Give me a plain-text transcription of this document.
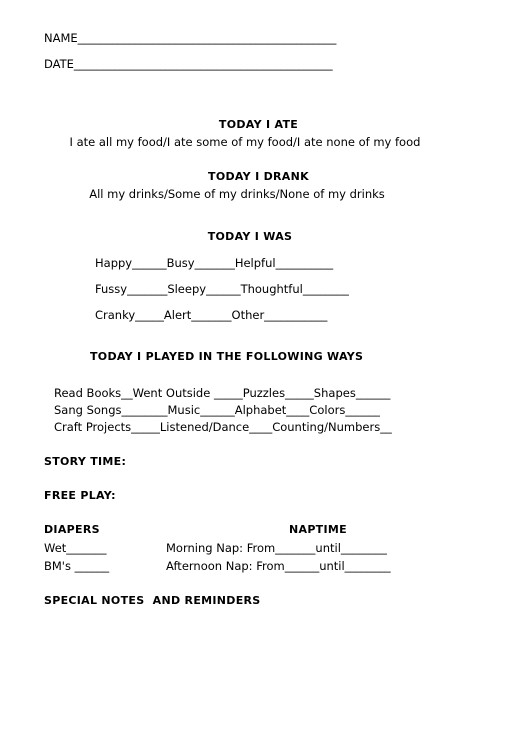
NAME_____________________________________________
DATE_____________________________________________
TODAY I ATE
I ate all my food/I ate some of my food/I ate none of my food
TODAY I DRANK
All my drinks/Some of my drinks/None of my drinks
TODAY I WAS
Happy______Busy_______Helpful__________
Fussy_______Sleepy______Thoughtful________
Cranky_____Alert_______Other___________
TODAY I PLAYED IN THE FOLLOWING WAYS
Read Books__Went Outside _____Puzzles_____Shapes______
Sang Songs________Music______Alphabet____Colors______
Craft Projects_____Listened/Dance____Counting/Numbers__
STORY TIME:
FREE PLAY:
DIAPERS	NAPTIME
Wet_______	Morning Nap: From_______until________
BM's ______	Afternoon Nap: From______until________
SPECIAL NOTES  AND REMINDERS
